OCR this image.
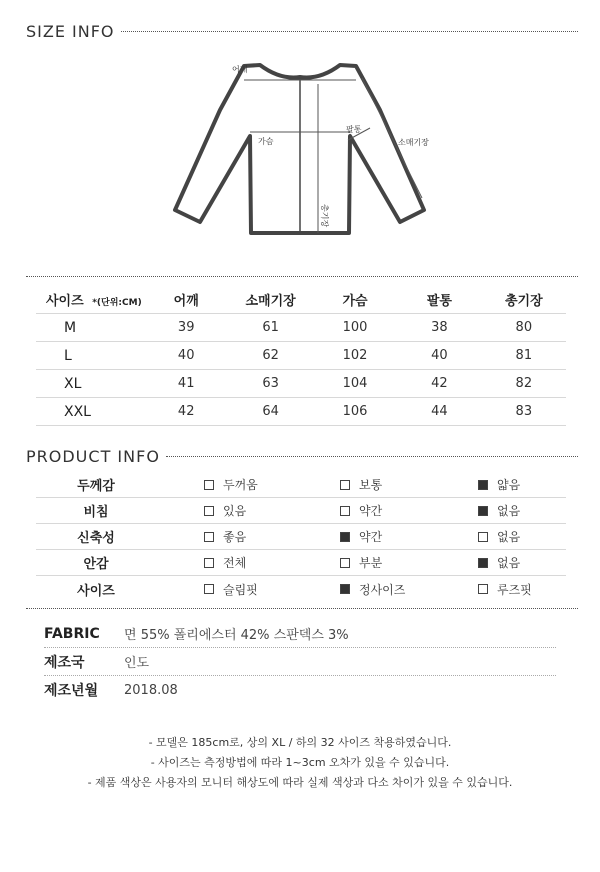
SIZE INFO
어깨
가슴
팔통
소매기장
총기장
사이즈 *(단위:CM)	어깨	소매기장	가슴	팔통	총기장
M	39	61	100	38	80
L	40	62	102	40	81
XL	41	63	104	42	82
XXL	42	64	106	44	83
PRODUCT INFO
두께감	두꺼움	보통	얇음
비침	있음	약간	없음
신축성	좋음	약간	없음
안감	전체	부분	없음
사이즈	슬림핏	정사이즈	루즈핏
FABRIC	면 55% 폴리에스터 42% 스판덱스 3%
제조국	인도
제조년월	2018.08
- 모델은 185cm로, 상의 XL / 하의 32 사이즈 착용하였습니다.
- 사이즈는 측정방법에 따라 1~3cm 오차가 있을 수 있습니다.
- 제품 색상은 사용자의 모니터 해상도에 따라 실제 색상과 다소 차이가 있을 수 있습니다.
